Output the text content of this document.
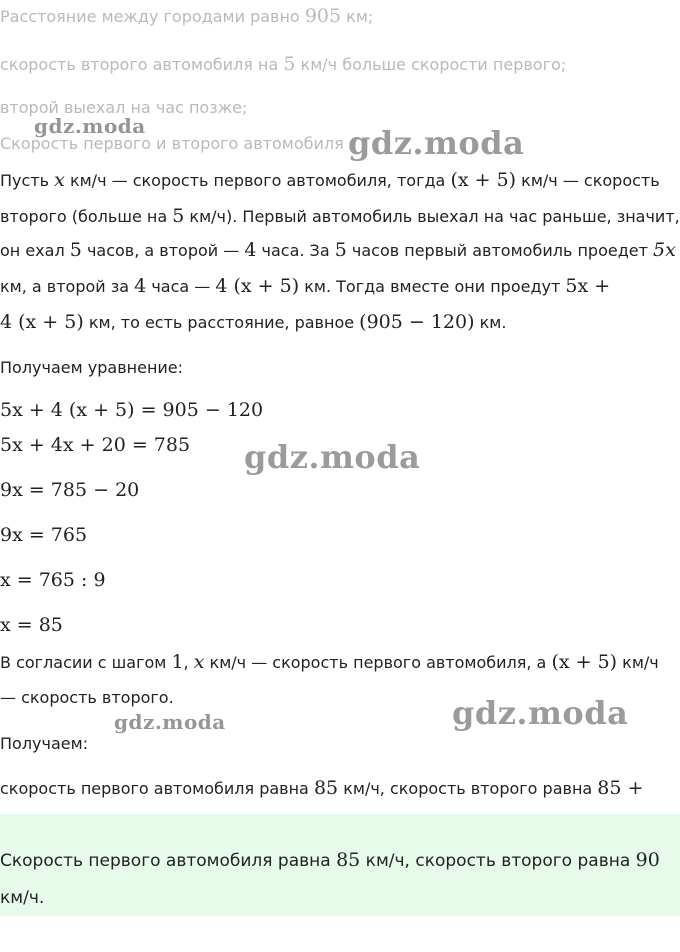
Расстояние между городами равно 905 км;
скорость второго автомобиля на 5 км/ч больше скорости первого;
второй выехал на час позже;
Скорость первого и второго автомобиля
Пусть x км/ч — скорость первого автомобиля, тогда (x + 5) км/ч — скорость
второго (больше на 5 км/ч). Первый автомобиль выехал на час раньше, значит,
он ехал 5 часов, а второй — 4 часа. За 5 часов первый автомобиль проедет 5x
км, а второй за 4 часа — 4 (x + 5) км. Тогда вместе они проедут 5x +
4 (x + 5) км, то есть расстояние, равное (905 − 120) км.
Получаем уравнение:
5x + 4 (x + 5) = 905 − 120
5x + 4x + 20 = 785
9x = 785 − 20
9x = 765
x = 765 : 9
x = 85
В согласии с шагом 1, x км/ч — скорость первого автомобиля, а (x + 5) км/ч
— скорость второго.
Получаем:
скорость первого автомобиля равна 85 км/ч, скорость второго равна 85 +
Скорость первого автомобиля равна 85 км/ч, скорость второго равна 90
км/ч.
gdz.moda	gdz.moda
gdz.moda
gdz.moda	gdz.moda
